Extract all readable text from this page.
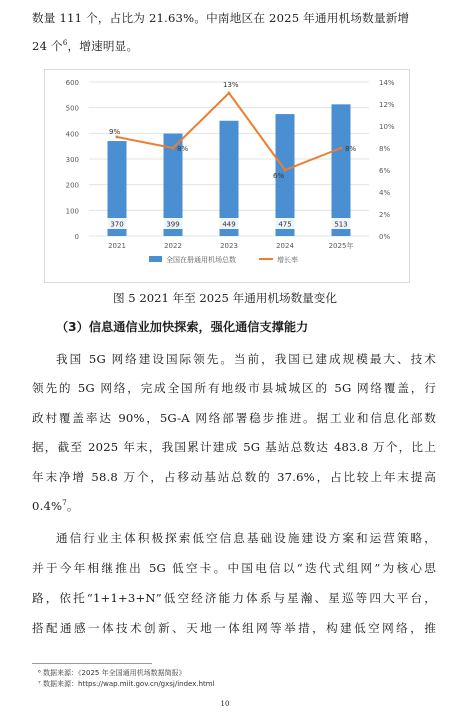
数量 111 个，占比为 21.63%。中南地区在 2025 年通用机场数量新增
24 个$^6$，增速明显。
0
100
200
300
400
500
600
0%
2%
4%
6%
8%
10%
12%
14%
370
2021
399
2022
449
2023
475
2024
513
2025年
9%
8%
13%
6%
8%
全国在册通用机场总数	增长率
图 5 2021 年至 2025 年通用机场数量变化
（3）信息通信业加快探索，强化通信支撑能力
我国 5G 网络建设国际领先。当前，我国已建成规模最大、技术
领先的 5G 网络，完成全国所有地级市县城城区的 5G 网络覆盖，行
政村覆盖率达 90%，5G-A 网络部署稳步推进。据工业和信息化部数
据，截至 2025 年末，我国累计建成 5G 基站总数达 483.8 万个，比上
年末净增 58.8 万个，占移动基站总数的 37.6%，占比较上年末提高
0.4%$^7$。
通信行业主体积极探索低空信息基础设施建设方案和运营策略，
并于今年相继推出 5G 低空卡。中国电信以“迭代式组网”为核心思
路，依托“1+1+3+N”低空经济能力体系与星瀚、星巡等四大平台，
搭配通感一体技术创新、天地一体组网等举措，构建低空网络，推
⁶ 数据来源：《2025 年全国通用机场数据简报》
⁷ 数据来源：https://wap.miit.gov.cn/gxsj/index.html
10
